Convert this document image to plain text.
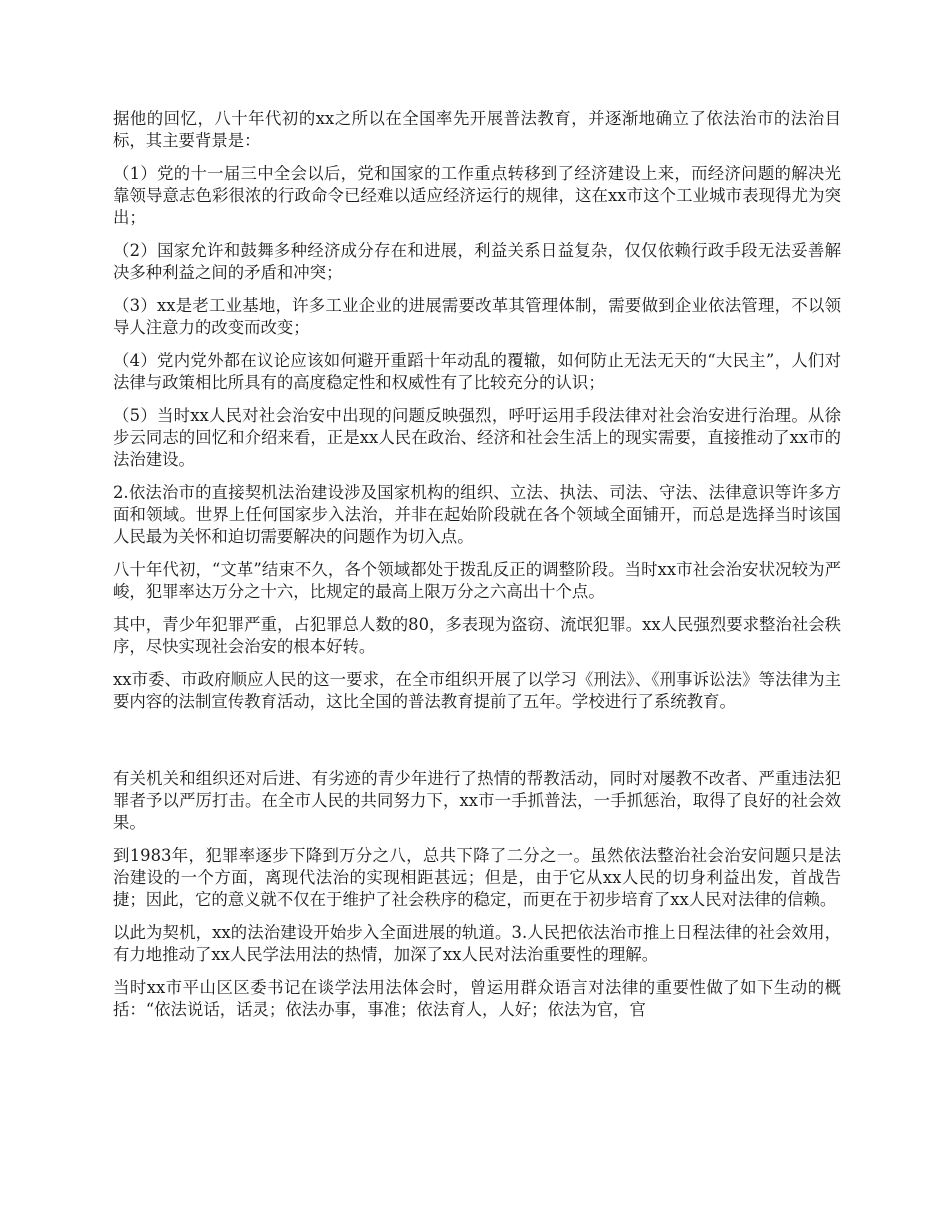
据他的回忆，八十年代初的xx之所以在全国率先开展普法教育，并逐渐地确立了依法治市的法治目标，其主要背景是：

（1）党的十一届三中全会以后，党和国家的工作重点转移到了经济建设上来，而经济问题的解决光靠领导意志色彩很浓的行政命令已经难以适应经济运行的规律，这在xx市这个工业城市表现得尤为突出；

（2）国家允许和鼓舞多种经济成分存在和进展，利益关系日益复杂，仅仅依赖行政手段无法妥善解决多种利益之间的矛盾和冲突；

（3）xx是老工业基地，许多工业企业的进展需要改革其管理体制，需要做到企业依法管理，不以领导人注意力的改变而改变；

（4）党内党外都在议论应该如何避开重蹈十年动乱的覆辙，如何防止无法无天的“大民主”，人们对法律与政策相比所具有的高度稳定性和权威性有了比较充分的认识；

（5）当时xx人民对社会治安中出现的问题反映强烈，呼吁运用手段法律对社会治安进行治理。从徐步云同志的回忆和介绍来看，正是xx人民在政治、经济和社会生活上的现实需要，直接推动了xx市的法治建设。

2.依法治市的直接契机法治建设涉及国家机构的组织、立法、执法、司法、守法、法律意识等许多方面和领域。世界上任何国家步入法治，并非在起始阶段就在各个领域全面铺开，而总是选择当时该国人民最为关怀和迫切需要解决的问题作为切入点。

八十年代初，“文革”结束不久，各个领域都处于拨乱反正的调整阶段。当时xx市社会治安状况较为严峻，犯罪率达万分之十六，比规定的最高上限万分之六高出十个点。

其中，青少年犯罪严重，占犯罪总人数的80，多表现为盗窃、流氓犯罪。xx人民强烈要求整治社会秩序，尽快实现社会治安的根本好转。

xx市委、市政府顺应人民的这一要求，在全市组织开展了以学习《刑法》、《刑事诉讼法》等法律为主要内容的法制宣传教育活动，这比全国的普法教育提前了五年。学校进行了系统教育。

有关机关和组织还对后进、有劣迹的青少年进行了热情的帮教活动，同时对屡教不改者、严重违法犯罪者予以严厉打击。在全市人民的共同努力下，xx市一手抓普法，一手抓惩治，取得了良好的社会效果。

到1983年，犯罪率逐步下降到万分之八，总共下降了二分之一。虽然依法整治社会治安问题只是法治建设的一个方面，离现代法治的实现相距甚远；但是，由于它从xx人民的切身利益出发，首战告捷；因此，它的意义就不仅在于维护了社会秩序的稳定，而更在于初步培育了xx人民对法律的信赖。

以此为契机，xx的法治建设开始步入全面进展的轨道。3.人民把依法治市推上日程法律的社会效用，有力地推动了xx人民学法用法的热情，加深了xx人民对法治重要性的理解。

当时xx市平山区区委书记在谈学法用法体会时，曾运用群众语言对法律的重要性做了如下生动的概括：“依法说话，话灵；依法办事，事准；依法育人，人好；依法为官，官
